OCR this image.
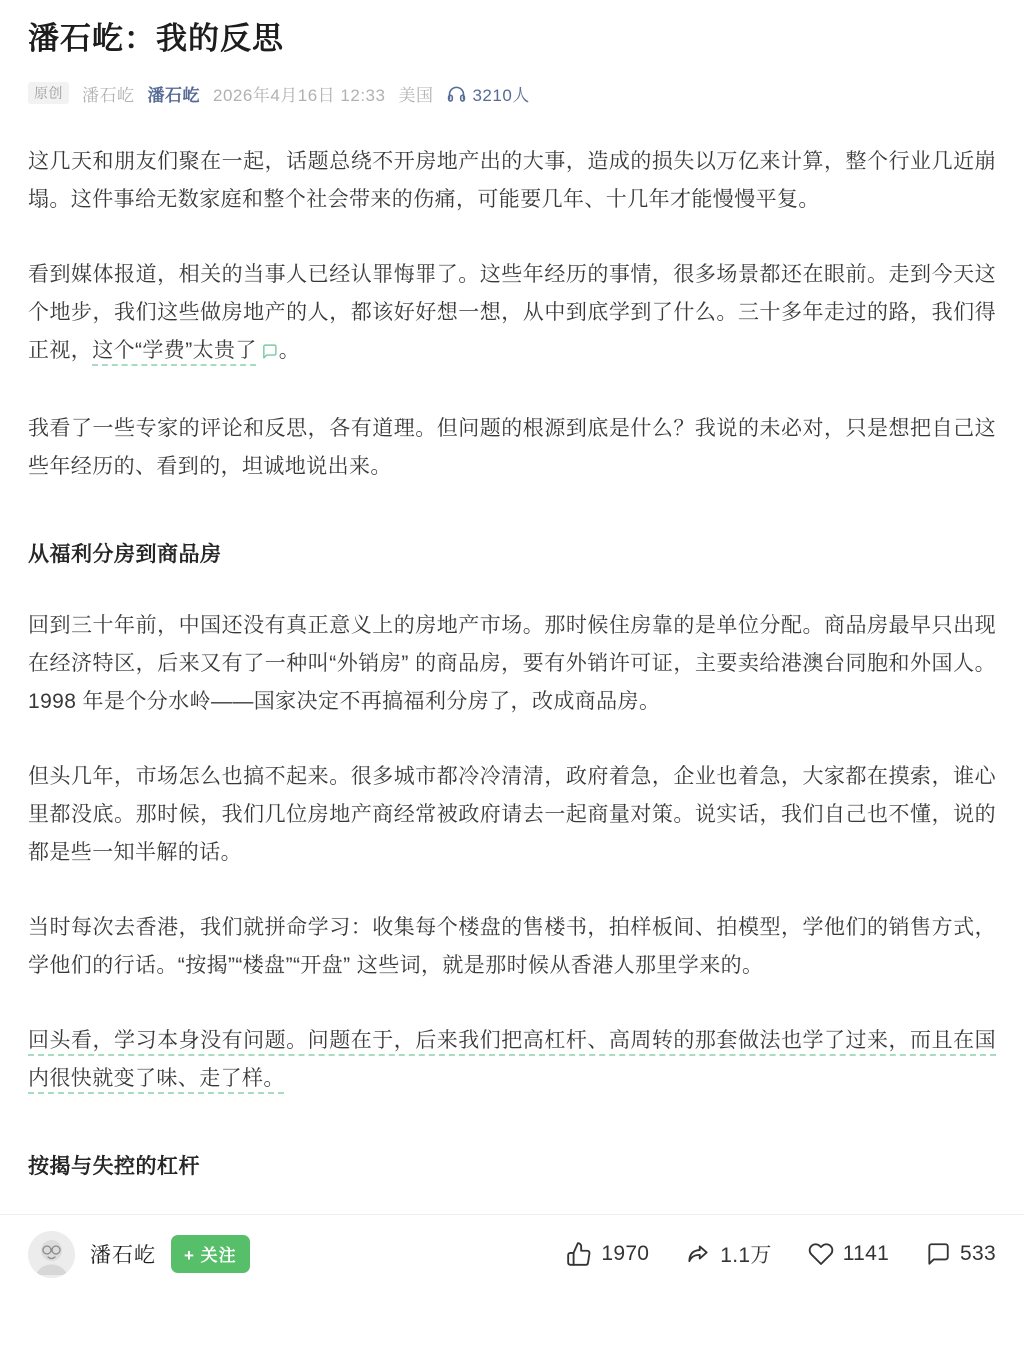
潘石屹：我的反思
原创	潘石屹 潘石屹 2026年4月16日 12:33 美国 3210人

这几天和朋友们聚在一起，话题总绕不开房地产出的大事，造成的损失以万亿来计算，整个行业几近崩塌。这件事给无数家庭和整个社会带来的伤痛，可能要几年、十几年才能慢慢平复。

看到媒体报道，相关的当事人已经认罪悔罪了。这些年经历的事情，很多场景都还在眼前。走到今天这个地步，我们这些做房地产的人，都该好好想一想，从中到底学到了什么。三十多年走过的路，我们得正视，这个“学费”太贵了 。

我看了一些专家的评论和反思，各有道理。但问题的根源到底是什么？我说的未必对，只是想把自己这些年经历的、看到的，坦诚地说出来。

从福利分房到商品房

回到三十年前，中国还没有真正意义上的房地产市场。那时候住房靠的是单位分配。商品房最早只出现在经济特区，后来又有了一种叫“外销房” 的商品房，要有外销许可证，主要卖给港澳台同胞和外国人。1998 年是个分水岭——国家决定不再搞福利分房了，改成商品房。

但头几年，市场怎么也搞不起来。很多城市都冷冷清清，政府着急，企业也着急，大家都在摸索，谁心里都没底。那时候，我们几位房地产商经常被政府请去一起商量对策。说实话，我们自己也不懂，说的都是些一知半解的话。

当时每次去香港，我们就拼命学习：收集每个楼盘的售楼书，拍样板间、拍模型，学他们的销售方式，学他们的行话。“按揭”“楼盘”“开盘” 这些词，就是那时候从香港人那里学来的。

回头看，学习本身没有问题。问题在于，后来我们把高杠杆、高周转的那套做法也学了过来，而且在国内很快就变了味、走了样。

按揭与失控的杠杆
潘石屹	+ 关注	1970	1.1万	1141	533
